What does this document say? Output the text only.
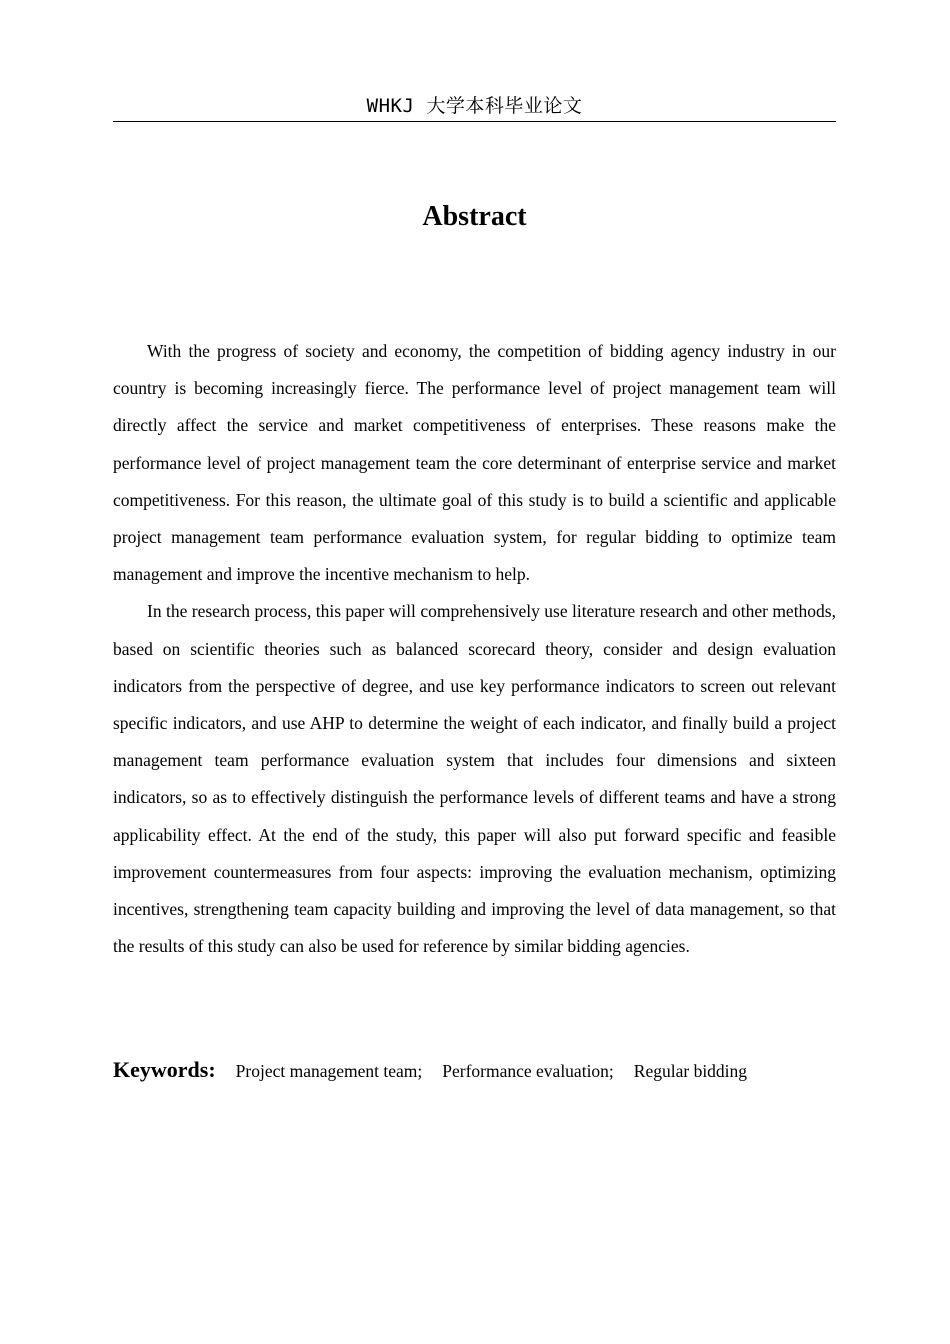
WHKJ 大学本科毕业论文
Abstract

With the progress of society and economy, the competition of bidding agency industry in our country is becoming increasingly fierce. The performance level of project management team will directly affect the service and market competitiveness of enterprises. These reasons make the performance level of project management team the core determinant of enterprise service and market competitiveness. For this reason, the ultimate goal of this study is to build a scientific and applicable project management team performance evaluation system, for regular bidding to optimize team management and improve the incentive mechanism to help.

In the research process, this paper will comprehensively use literature research and other methods, based on scientific theories such as balanced scorecard theory, consider and design evaluation indicators from the perspective of degree, and use key performance indicators to screen out relevant specific indicators, and use AHP to determine the weight of each indicator, and finally build a project management team performance evaluation system that includes four dimensions and sixteen indicators, so as to effectively distinguish the performance levels of different teams and have a strong applicability effect. At the end of the study, this paper will also put forward specific and feasible improvement countermeasures from four aspects: improving the evaluation mechanism, optimizing incentives, strengthening team capacity building and improving the level of data management, so that the results of this study can also be used for reference by similar bidding agencies.

Keywords: Project management team; Performance evaluation; Regular bidding
